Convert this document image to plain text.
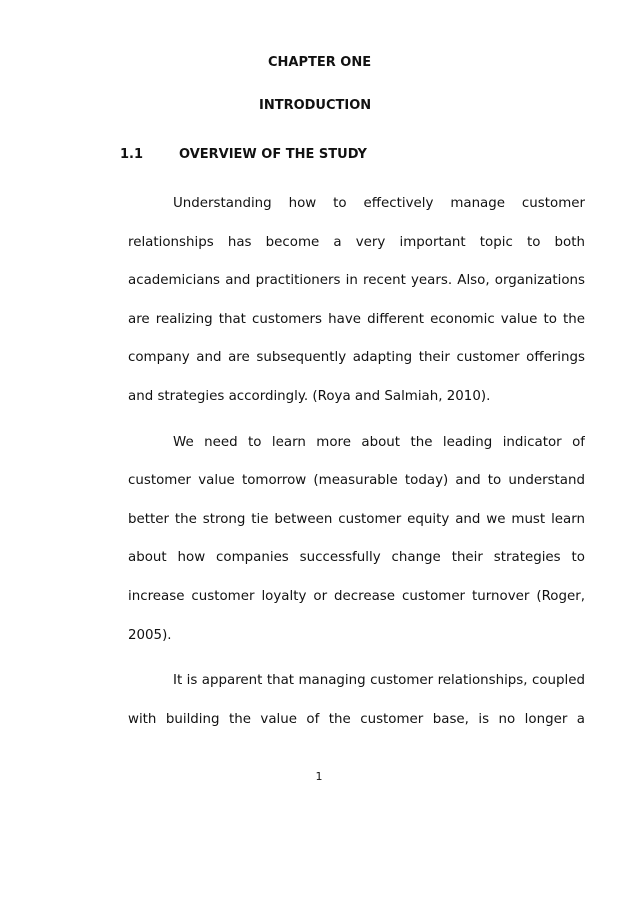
CHAPTER ONE
INTRODUCTION
1.1	OVERVIEW OF THE STUDY
Understanding how to effectively manage customer
relationships has become a very important topic to both
academicians and practitioners in recent years. Also, organizations
are realizing that customers have different economic value to the
company and are subsequently adapting their customer offerings
and strategies accordingly. (Roya and Salmiah, 2010).
We need to learn more about the leading indicator of
customer value tomorrow (measurable today) and to understand
better the strong tie between customer equity and we must learn
about how companies successfully change their strategies to
increase customer loyalty or decrease customer turnover (Roger,
2005).
It is apparent that managing customer relationships, coupled
with building the value of the customer base, is no longer a
1
